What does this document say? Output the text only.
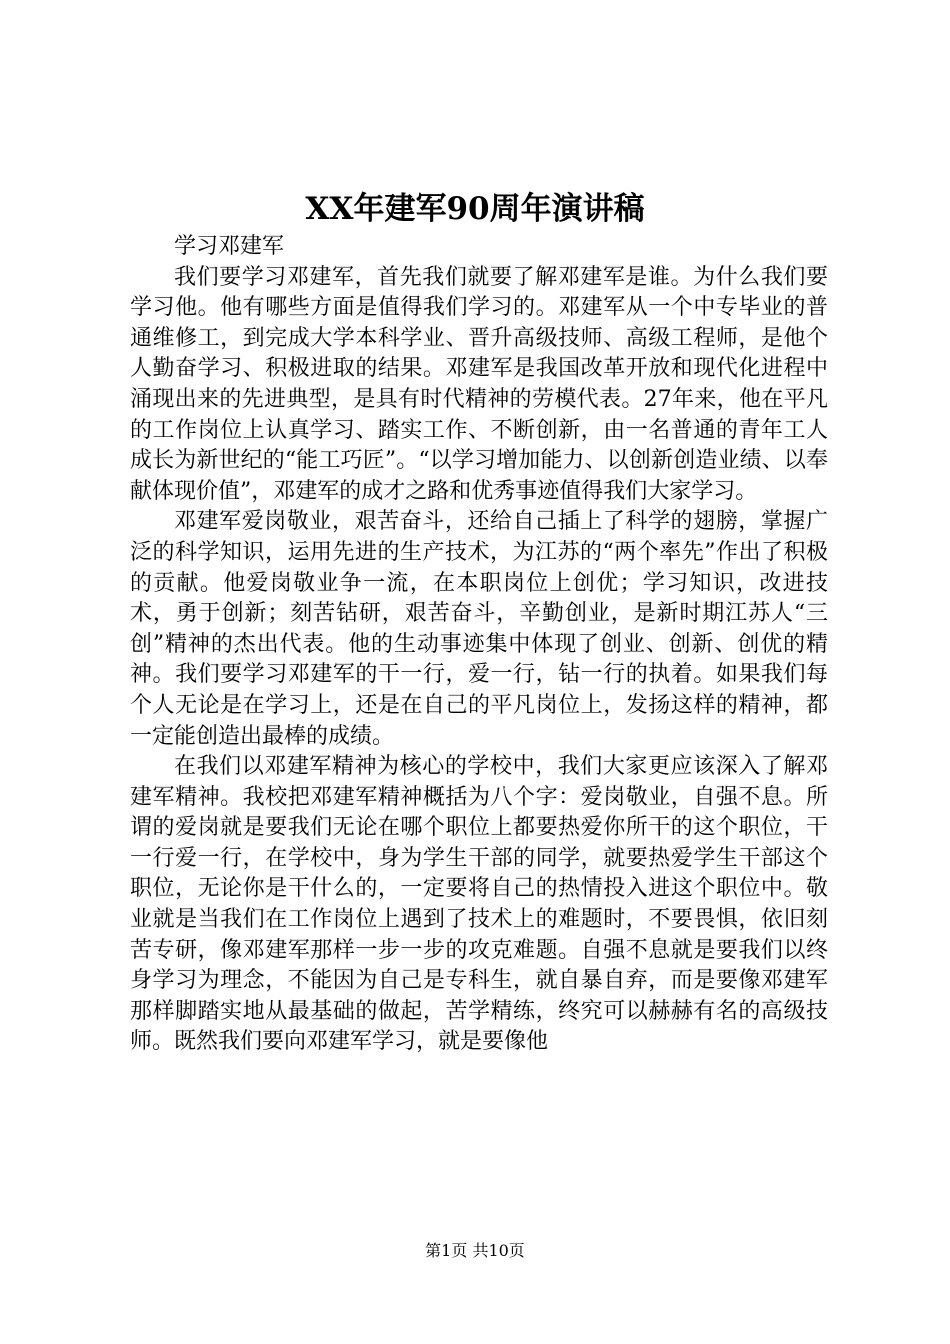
XX年建军90周年演讲稿

学习邓建军

我们要学习邓建军，首先我们就要了解邓建军是谁。为什么我们要学习他。他有哪些方面是值得我们学习的。邓建军从一个中专毕业的普通维修工，到完成大学本科学业、晋升高级技师、高级工程师，是他个人勤奋学习、积极进取的结果。邓建军是我国改革开放和现代化进程中涌现出来的先进典型，是具有时代精神的劳模代表。27年来，他在平凡的工作岗位上认真学习、踏实工作、不断创新，由一名普通的青年工人成长为新世纪的“能工巧匠”。“以学习增加能力、以创新创造业绩、以奉献体现价值”，邓建军的成才之路和优秀事迹值得我们大家学习。

邓建军爱岗敬业，艰苦奋斗，还给自己插上了科学的翅膀，掌握广泛的科学知识，运用先进的生产技术，为江苏的“两个率先”作出了积极的贡献。他爱岗敬业争一流，在本职岗位上创优；学习知识，改进技术，勇于创新；刻苦钻研，艰苦奋斗，辛勤创业，是新时期江苏人“三创”精神的杰出代表。他的生动事迹集中体现了创业、创新、创优的精神。我们要学习邓建军的干一行，爱一行，钻一行的执着。如果我们每个人无论是在学习上，还是在自己的平凡岗位上，发扬这样的精神，都一定能创造出最棒的成绩。

在我们以邓建军精神为核心的学校中，我们大家更应该深入了解邓建军精神。我校把邓建军精神概括为八个字：爱岗敬业，自强不息。所谓的爱岗就是要我们无论在哪个职位上都要热爱你所干的这个职位，干一行爱一行，在学校中，身为学生干部的同学，就要热爱学生干部这个职位，无论你是干什么的，一定要将自己的热情投入进这个职位中。敬业就是当我们在工作岗位上遇到了技术上的难题时，不要畏惧，依旧刻苦专研，像邓建军那样一步一步的攻克难题。自强不息就是要我们以终身学习为理念，不能因为自己是专科生，就自暴自弃，而是要像邓建军那样脚踏实地从最基础的做起，苦学精练，终究可以赫赫有名的高级技师。既然我们要向邓建军学习，就是要像他

第1页 共10页
